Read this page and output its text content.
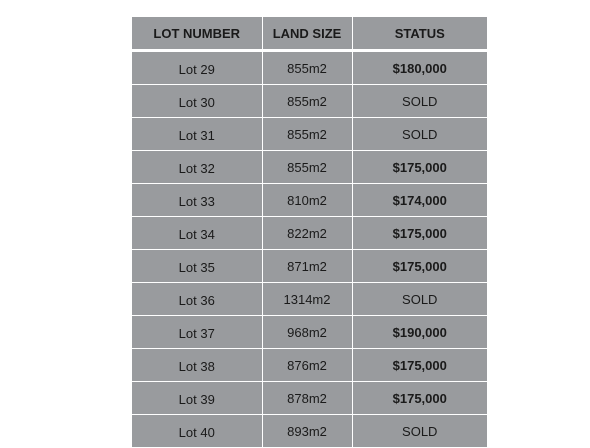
LOT NUMBER	LAND SIZE	STATUS
Lot 29	855m2	$180,000
Lot 30	855m2	SOLD
Lot 31	855m2	SOLD
Lot 32	855m2	$175,000
Lot 33	810m2	$174,000
Lot 34	822m2	$175,000
Lot 35	871m2	$175,000
Lot 36	1314m2	SOLD
Lot 37	968m2	$190,000
Lot 38	876m2	$175,000
Lot 39	878m2	$175,000
Lot 40	893m2	SOLD
